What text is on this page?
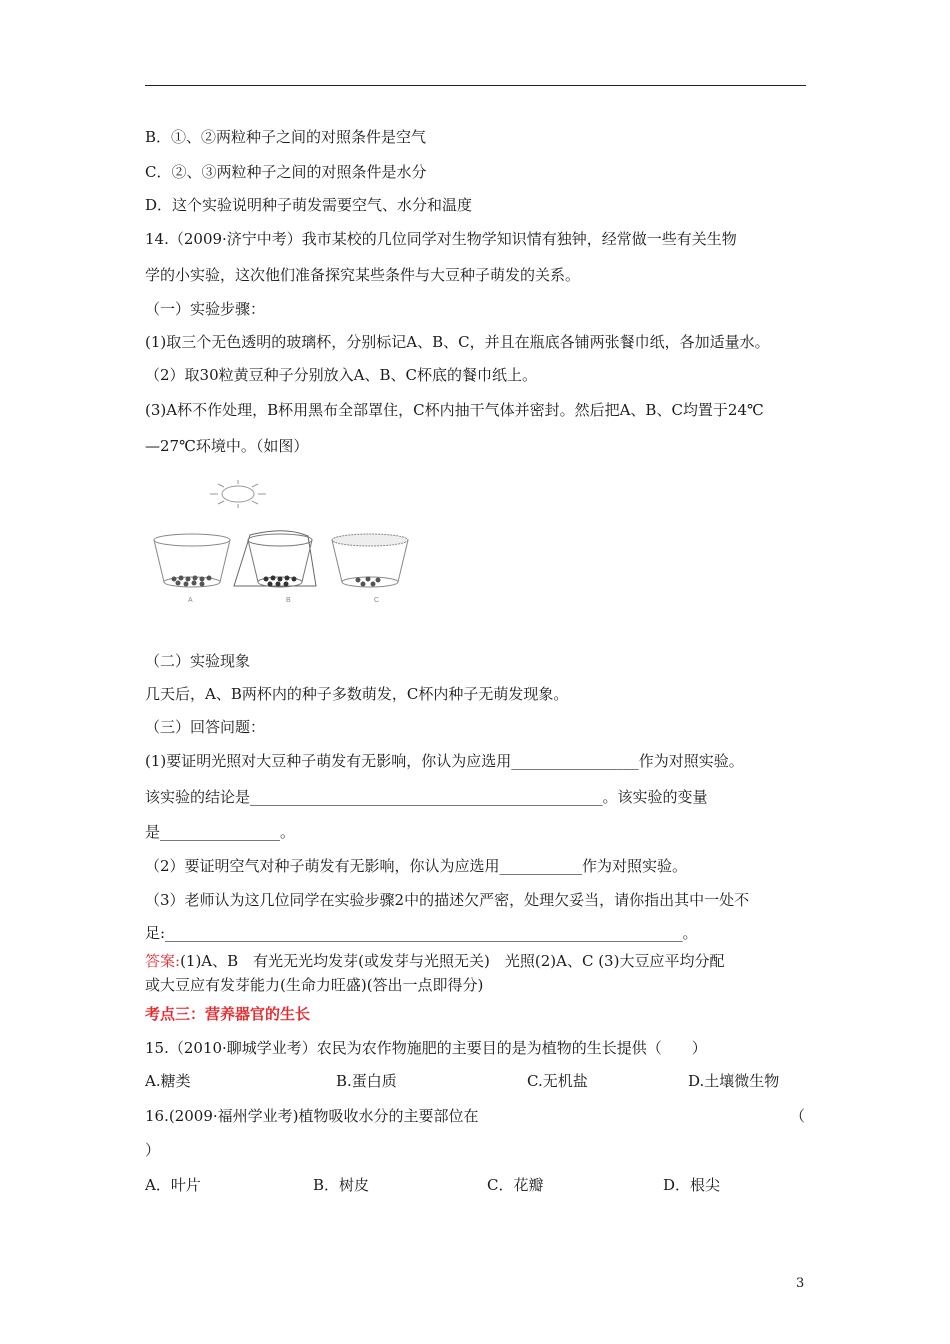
B．①、②两粒种子之间的对照条件是空气
C．②、③两粒种子之间的对照条件是水分
D．这个实验说明种子萌发需要空气、水分和温度
14.（2009·济宁中考）我市某校的几位同学对生物学知识情有独钟，经常做一些有关生物
学的小实验，这次他们准备探究某些条件与大豆种子萌发的关系。
（一）实验步骤：
(1)取三个无色透明的玻璃杯，分别标记A、B、C，并且在瓶底各铺两张餐巾纸，各加适量水。
（2）取30粒黄豆种子分别放入A、B、C杯底的餐巾纸上。
(3)A杯不作处理，B杯用黑布全部罩住，C杯内抽干气体并密封。然后把A、B、C均置于24℃
—27℃环境中。（如图）
A	B	C
（二）实验现象
几天后，A、B两杯内的种子多数萌发，C杯内种子无萌发现象。
（三）回答问题：
(1)要证明光照对大豆种子萌发有无影响，你认为应选用_________________作为对照实验。
该实验的结论是_______________________________________________。该实验的变量
是________________。
（2）要证明空气对种子萌发有无影响，你认为应选用___________作为对照实验。
（3）老师认为这几位同学在实验步骤2中的描述欠严密，处理欠妥当，请你指出其中一处不
足:_____________________________________________________________________。
答案:(1)A、B　有光无光均发芽(或发芽与光照无关)　光照(2)A、C (3)大豆应平均分配
或大豆应有发芽能力(生命力旺盛)(答出一点即得分)
考点三：营养器官的生长
15.（2010·聊城学业考）农民为农作物施肥的主要目的是为植物的生长提供（　　）
A.糖类	B.蛋白质	C.无机盐	D.土壤微生物
16.(2009·福州学业考)植物吸收水分的主要部位在	（
）
A．叶片	B．树皮	C．花瓣	D．根尖
3
